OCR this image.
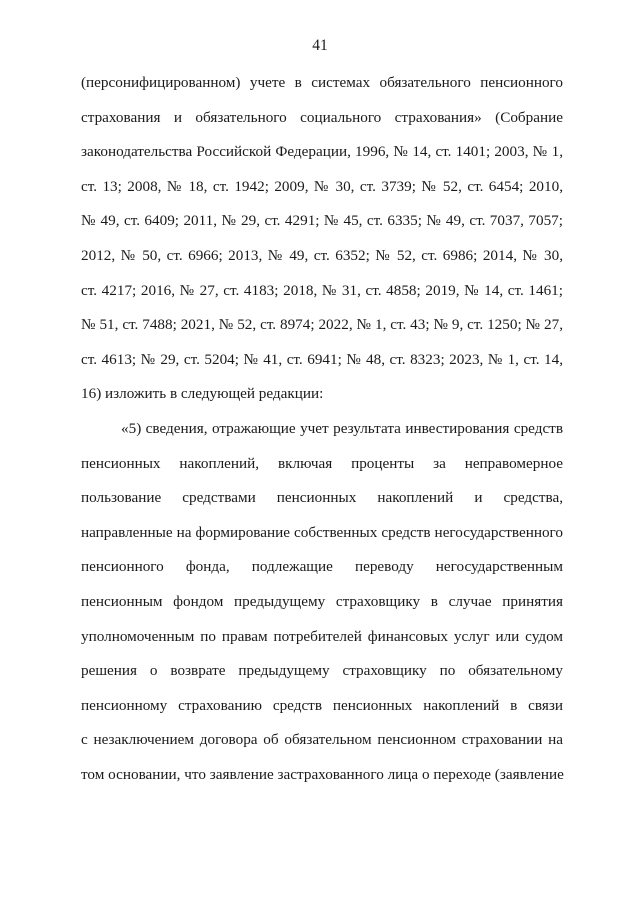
41

(персонифицированном) учете в системах обязательного пенсионного
страхования и обязательного социального страхования» (Собрание
законодательства Российской Федерации, 1996, № 14, ст. 1401; 2003, № 1,
ст. 13; 2008, № 18, ст. 1942; 2009, № 30, ст. 3739; № 52, ст. 6454; 2010,
№ 49, ст. 6409; 2011, № 29, ст. 4291; № 45, ст. 6335; № 49, ст. 7037, 7057;
2012, № 50, ст. 6966; 2013, № 49, ст. 6352; № 52, ст. 6986; 2014, № 30,
ст. 4217; 2016, № 27, ст. 4183; 2018, № 31, ст. 4858; 2019, № 14, ст. 1461;
№ 51, ст. 7488; 2021, № 52, ст. 8974; 2022, № 1, ст. 43; № 9, ст. 1250; № 27,
ст. 4613; № 29, ст. 5204; № 41, ст. 6941; № 48, ст. 8323; 2023, № 1, ст. 14,
16) изложить в следующей редакции:

«5) сведения, отражающие учет результата инвестирования средств
пенсионных накоплений, включая проценты за неправомерное
пользование средствами пенсионных накоплений и средства,
направленные на формирование собственных средств негосударственного
пенсионного фонда, подлежащие переводу негосударственным
пенсионным фондом предыдущему страховщику в случае принятия
уполномоченным по правам потребителей финансовых услуг или судом
решения о возврате предыдущему страховщику по обязательному
пенсионному страхованию средств пенсионных накоплений в связи
с незаключением договора об обязательном пенсионном страховании на
том основании, что заявление застрахованного лица о переходе (заявление
